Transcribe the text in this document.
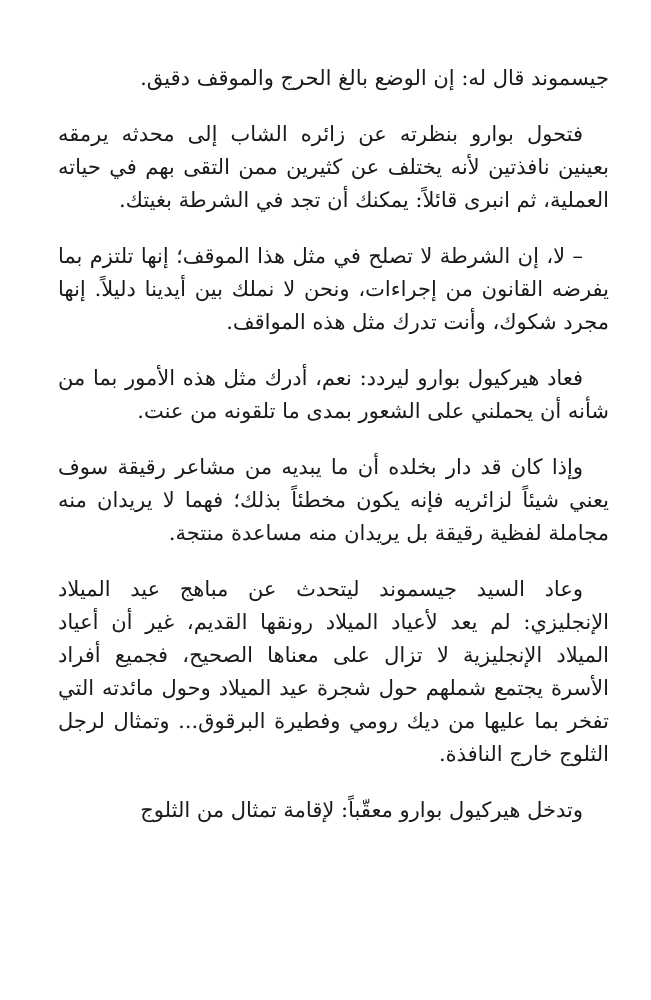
جيسموند قال له: إن الوضع بالغ الحرج والموقف دقيق.

فتحول بوارو بنظرته عن زائره الشاب إلى محدثه يرمقه بعينين نافذتين لأنه يختلف عن كثيرين ممن التقى بهم في حياته العملية، ثم انبرى قائلاً: يمكنك أن تجد في الشرطة بغيتك.

– لا، إن الشرطة لا تصلح في مثل هذا الموقف؛ إنها تلتزم بما يفرضه القانون من إجراءات، ونحن لا نملك بين أيدينا دليلاً. إنها مجرد شكوك، وأنت تدرك مثل هذه المواقف.

فعاد هيركيول بوارو ليردد: نعم، أدرك مثل هذه الأمور بما من شأنه أن يحملني على الشعور بمدى ما تلقونه من عنت.

وإذا كان قد دار بخلده أن ما يبديه من مشاعر رقيقة سوف يعني شيئاً لزائريه فإنه يكون مخطئاً بذلك؛ فهما لا يريدان منه مجاملة لفظية رقيقة بل يريدان منه مساعدة منتجة.

وعاد السيد جيسموند ليتحدث عن مباهج عيد الميلاد الإنجليزي: لم يعد لأعياد الميلاد رونقها القديم، غير أن أعياد الميلاد الإنجليزية لا تزال على معناها الصحيح، فجميع أفراد الأسرة يجتمع شملهم حول شجرة عيد الميلاد وحول مائدته التي تفخر بما عليها من ديك رومي وفطيرة البرقوق... وتمثال لرجل الثلوج خارج النافذة.

وتدخل هيركيول بوارو معقّباً: لإقامة تمثال من الثلوج
